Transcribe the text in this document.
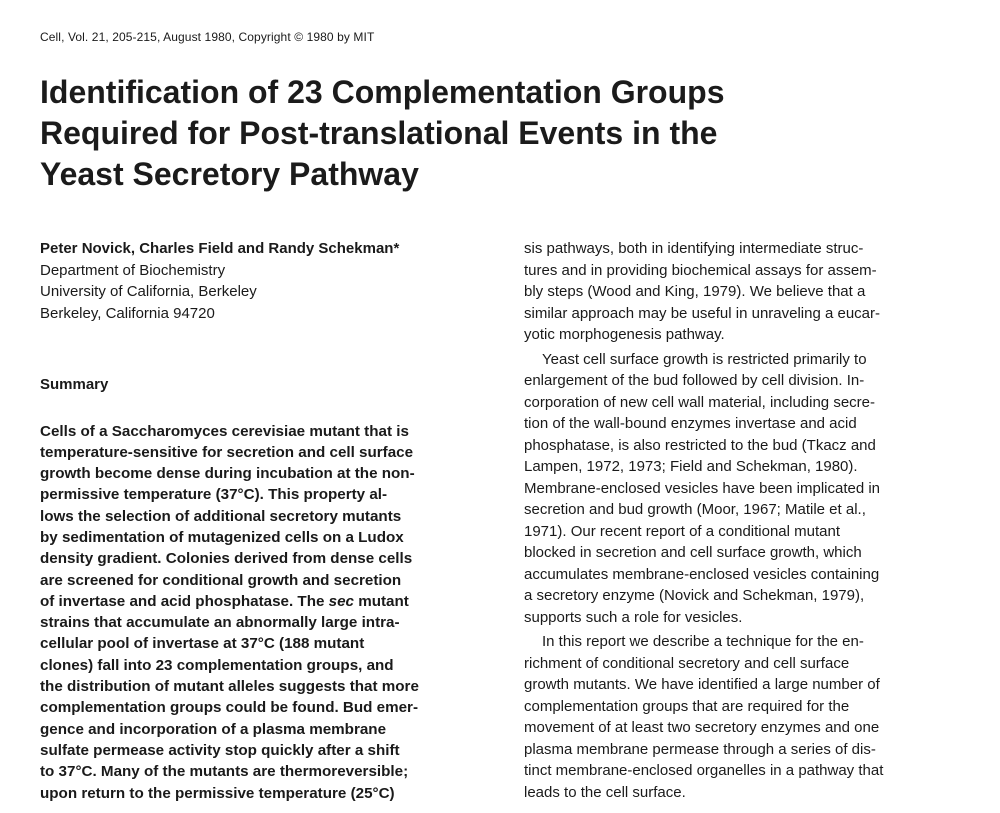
Cell, Vol. 21, 205-215, August 1980, Copyright © 1980 by MIT
Identification of 23 Complementation Groups
Required for Post-translational Events in the
Yeast Secretory Pathway
Peter Novick, Charles Field and Randy Schekman*
Department of Biochemistry
University of California, Berkeley
Berkeley, California 94720
Summary
Cells of a Saccharomyces cerevisiae mutant that is
temperature-sensitive for secretion and cell surface
growth become dense during incubation at the non-
permissive temperature (37°C). This property al-
lows the selection of additional secretory mutants
by sedimentation of mutagenized cells on a Ludox
density gradient. Colonies derived from dense cells
are screened for conditional growth and secretion
of invertase and acid phosphatase. The sec mutant
strains that accumulate an abnormally large intra-
cellular pool of invertase at 37°C (188 mutant
clones) fall into 23 complementation groups, and
the distribution of mutant alleles suggests that more
complementation groups could be found. Bud emer-
gence and incorporation of a plasma membrane
sulfate permease activity stop quickly after a shift
to 37°C. Many of the mutants are thermoreversible;
upon return to the permissive temperature (25°C)
sis pathways, both in identifying intermediate struc-
tures and in providing biochemical assays for assem-
bly steps (Wood and King, 1979). We believe that a
similar approach may be useful in unraveling a eucar-
yotic morphogenesis pathway.
Yeast cell surface growth is restricted primarily to
enlargement of the bud followed by cell division. In-
corporation of new cell wall material, including secre-
tion of the wall-bound enzymes invertase and acid
phosphatase, is also restricted to the bud (Tkacz and
Lampen, 1972, 1973; Field and Schekman, 1980).
Membrane-enclosed vesicles have been implicated in
secretion and bud growth (Moor, 1967; Matile et al.,
1971). Our recent report of a conditional mutant
blocked in secretion and cell surface growth, which
accumulates membrane-enclosed vesicles containing
a secretory enzyme (Novick and Schekman, 1979),
supports such a role for vesicles.
In this report we describe a technique for the en-
richment of conditional secretory and cell surface
growth mutants. We have identified a large number of
complementation groups that are required for the
movement of at least two secretory enzymes and one
plasma membrane permease through a series of dis-
tinct membrane-enclosed organelles in a pathway that
leads to the cell surface.
